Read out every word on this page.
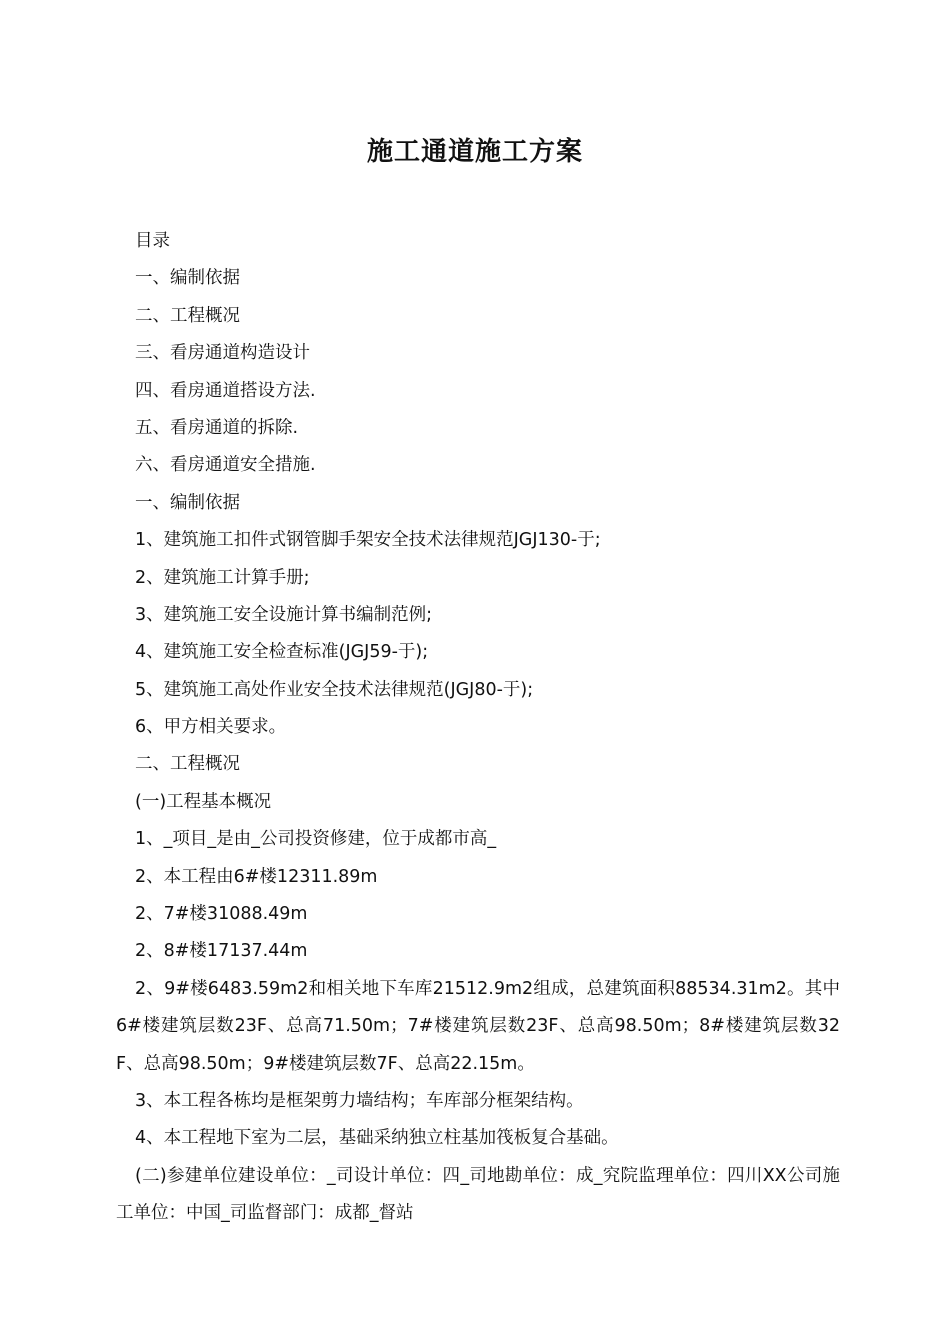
施工通道施工方案
目录
一、编制依据
二、工程概况
三、看房通道构造设计
四、看房通道搭设方法.
五、看房通道的拆除.
六、看房通道安全措施.
一、编制依据
1、建筑施工扣件式钢管脚手架安全技术法律规范JGJ130-于;
2、建筑施工计算手册;
3、建筑施工安全设施计算书编制范例;
4、建筑施工安全检查标准(JGJ59-于);
5、建筑施工高处作业安全技术法律规范(JGJ80-于);
6、甲方相关要求。
二、工程概况
(一)工程基本概况
1、_项目_是由_公司投资修建，位于成都市高_
2、本工程由6#楼12311.89m
2、7#楼31088.49m
2、8#楼17137.44m
2、9#楼6483.59m2和相关地下车库21512.9m2组成，总建筑面积88534.31m2。其中6#楼建筑层数23F、总高71.50m；7#楼建筑层数23F、总高98.50m；8#楼建筑层数32F、总高98.50m；9#楼建筑层数7F、总高22.15m。
3、本工程各栋均是框架剪力墙结构；车库部分框架结构。
4、本工程地下室为二层，基础采纳独立柱基加筏板复合基础。
(二)参建单位建设单位：_司设计单位：四_司地勘单位：成_究院监理单位：四川XX公司施工单位：中国_司监督部门：成都_督站
